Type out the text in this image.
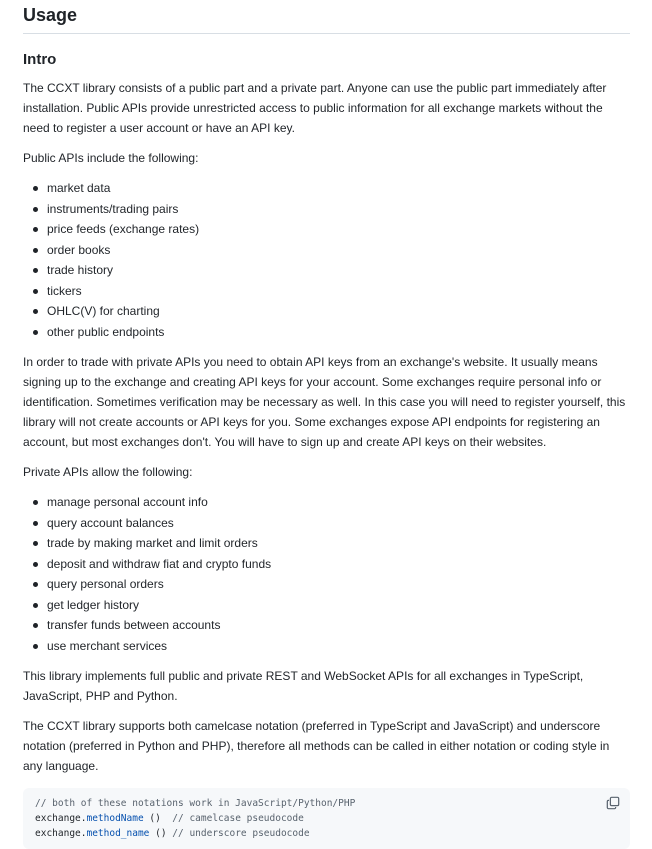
Usage
Intro

The CCXT library consists of a public part and a private part. Anyone can use the public part immediately after installation. Public APIs provide unrestricted access to public information for all exchange markets without the need to register a user account or have an API key.

Public APIs include the following:

market data
instruments/trading pairs
price feeds (exchange rates)
order books
trade history
tickers
OHLC(V) for charting
other public endpoints

In order to trade with private APIs you need to obtain API keys from an exchange's website. It usually means signing up to the exchange and creating API keys for your account. Some exchanges require personal info or identification. Sometimes verification may be necessary as well. In this case you will need to register yourself, this library will not create accounts or API keys for you. Some exchanges expose API endpoints for registering an account, but most exchanges don't. You will have to sign up and create API keys on their websites.

Private APIs allow the following:

manage personal account info
query account balances
trade by making market and limit orders
deposit and withdraw fiat and crypto funds
query personal orders
get ledger history
transfer funds between accounts
use merchant services

This library implements full public and private REST and WebSocket APIs for all exchanges in TypeScript, JavaScript, PHP and Python.

The CCXT library supports both camelcase notation (preferred in TypeScript and JavaScript) and underscore notation (preferred in Python and PHP), therefore all methods can be called in either notation or coding style in any language.

// both of these notations work in JavaScript/Python/PHP
exchange.methodName ()  // camelcase pseudocode
exchange.method_name () // underscore pseudocode
